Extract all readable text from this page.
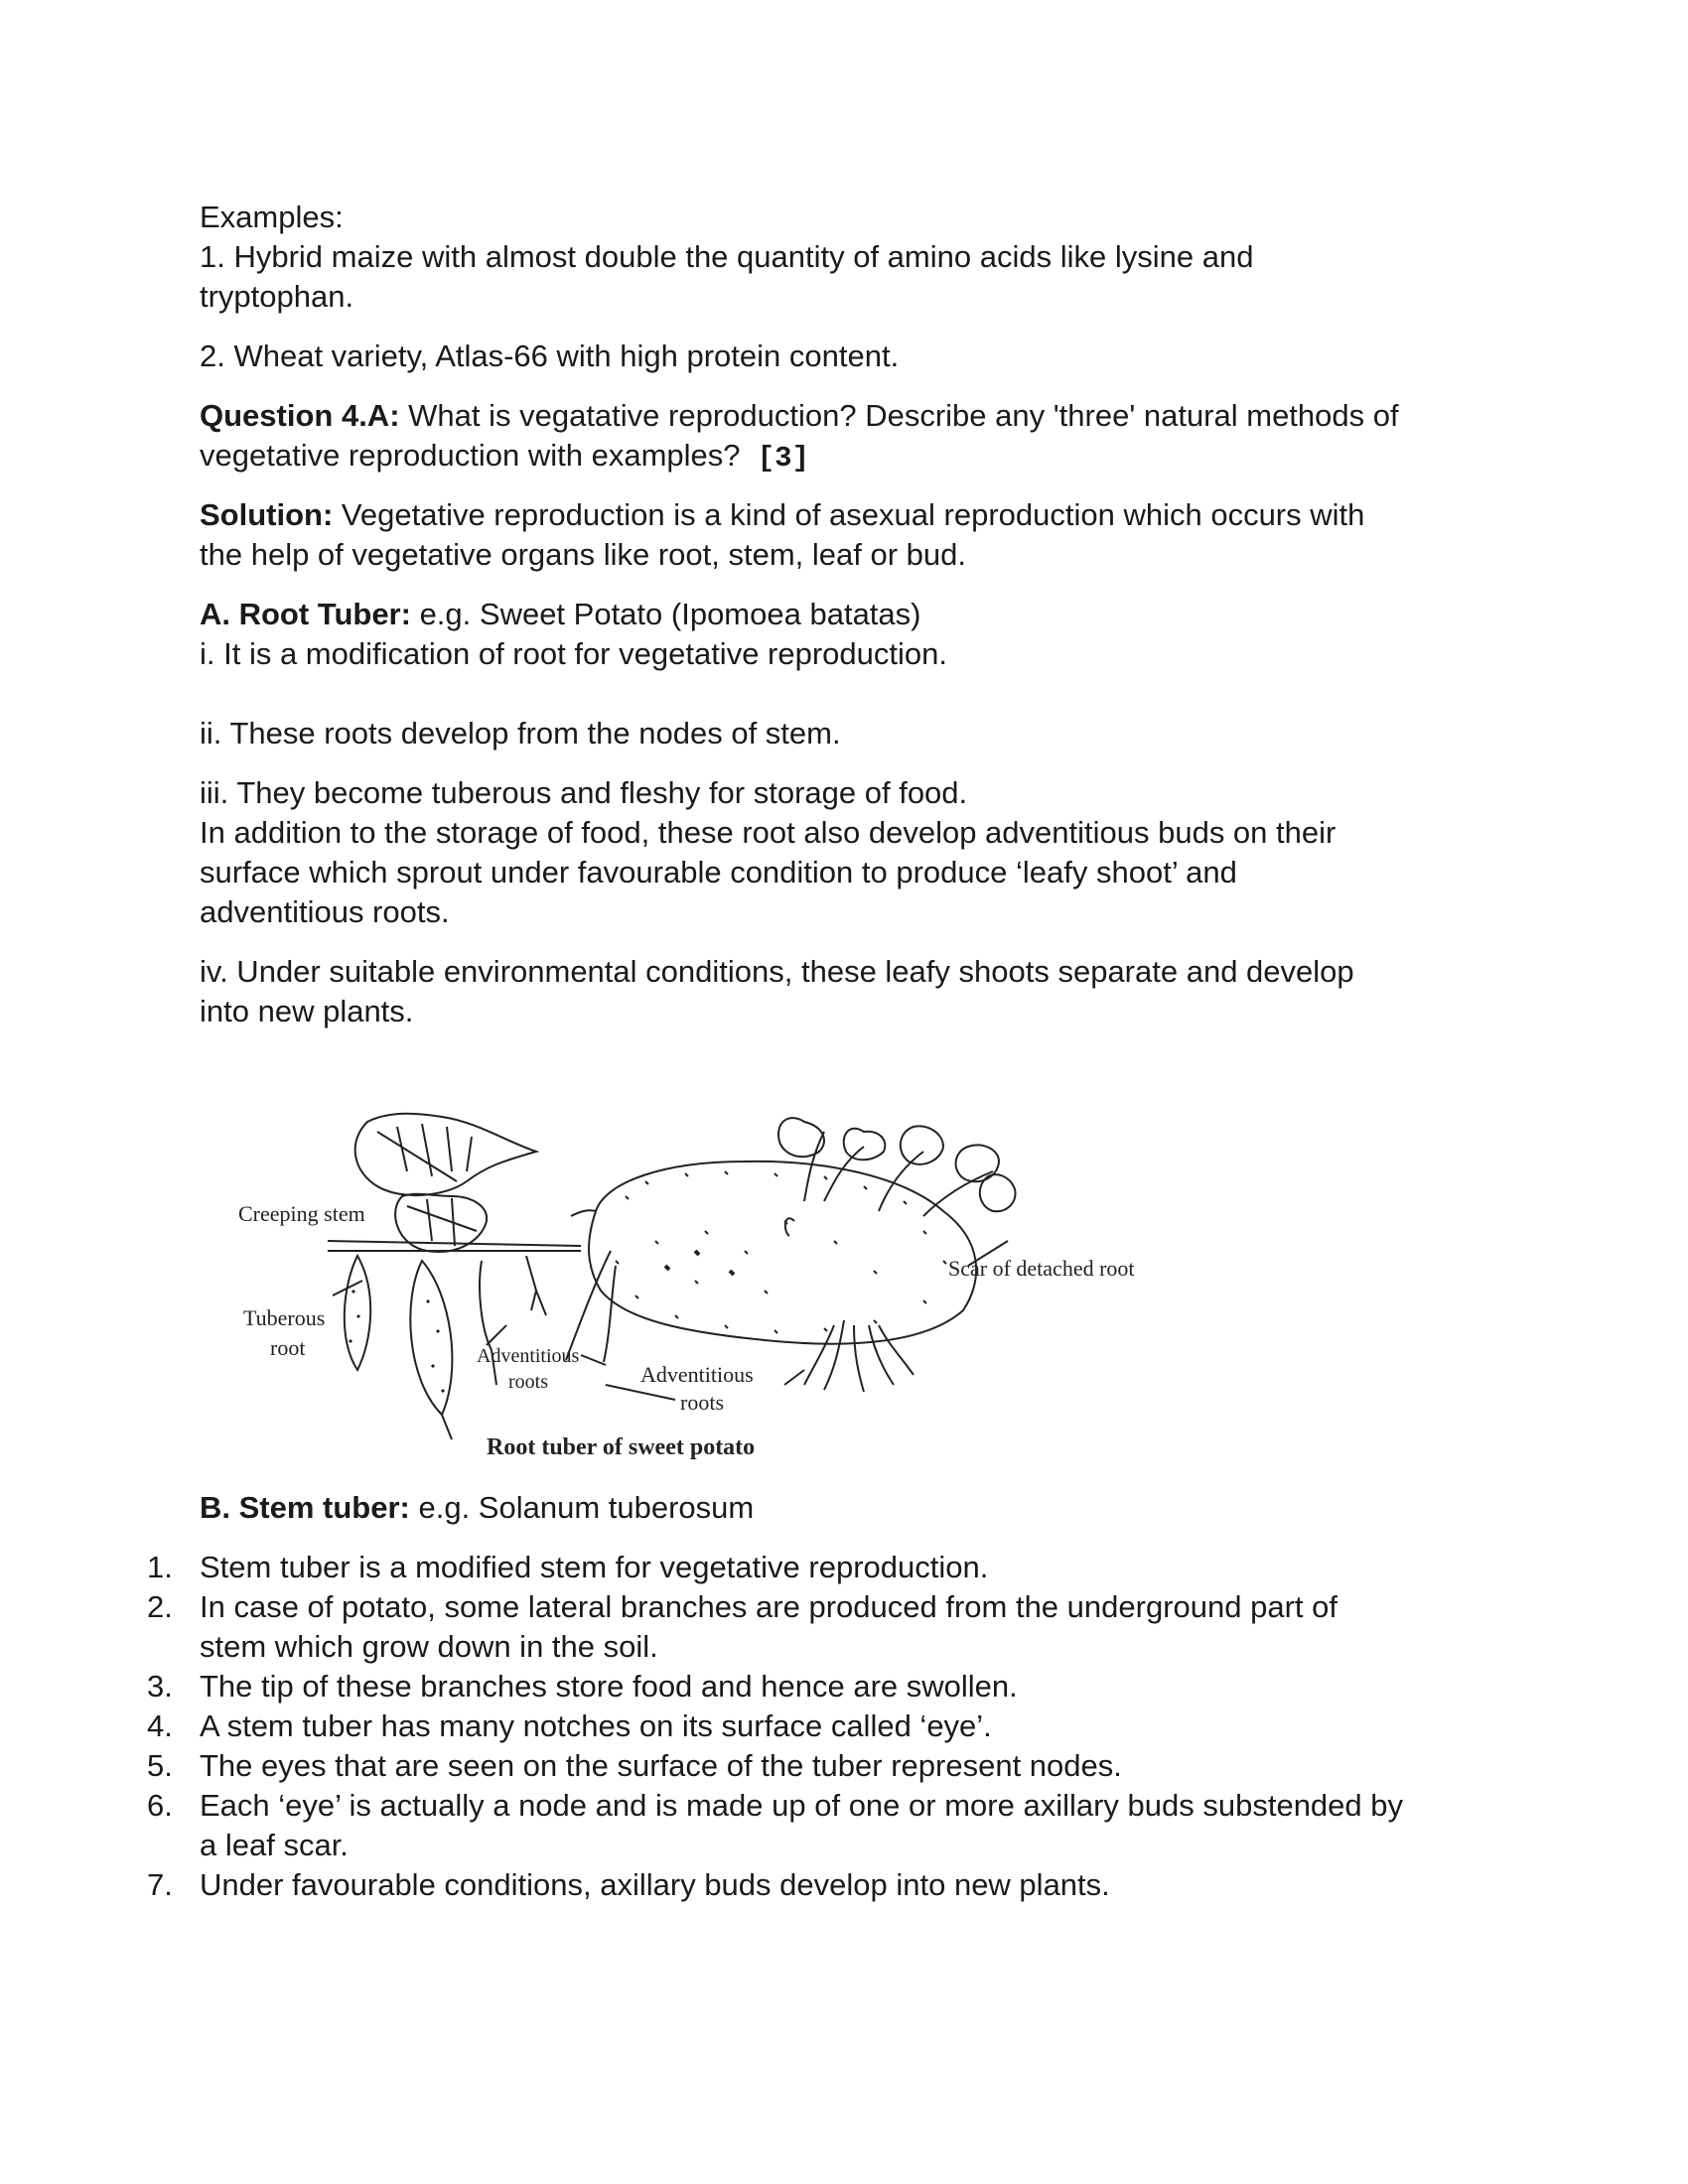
Examples:

1. Hybrid maize with almost double the quantity of amino acids like lysine and

tryptophan.

2. Wheat variety, Atlas-66 with high protein content.

Question 4.A: What is vegatative reproduction? Describe any 'three' natural methods of

vegetative reproduction with examples? [3]

Solution: Vegetative reproduction is a kind of asexual reproduction which occurs with

the help of vegetative organs like root, stem, leaf or bud.

A. Root Tuber: e.g. Sweet Potato (Ipomoea batatas)

i. It is a modification of root for vegetative reproduction.

ii. These roots develop from the nodes of stem.

iii. They become tuberous and fleshy for storage of food.

In addition to the storage of food, these root also develop adventitious buds on their

surface which sprout under favourable condition to produce ‘leafy shoot’ and

adventitious roots.

iv. Under suitable environmental conditions, these leafy shoots separate and develop

into new plants.

Creeping stem
Tuberous
root	Adventitious
roots	Adventitious
roots
Scar of detached root
Root tuber of sweet potato

B. Stem tuber: e.g. Solanum tuberosum

1. Stem tuber is a modified stem for vegetative reproduction.
2. In case of potato, some lateral branches are produced from the underground part of
stem which grow down in the soil.
3. The tip of these branches store food and hence are swollen.
4. A stem tuber has many notches on its surface called ‘eye’.
5. The eyes that are seen on the surface of the tuber represent nodes.
6. Each ‘eye’ is actually a node and is made up of one or more axillary buds substended by
a leaf scar.
7. Under favourable conditions, axillary buds develop into new plants.
